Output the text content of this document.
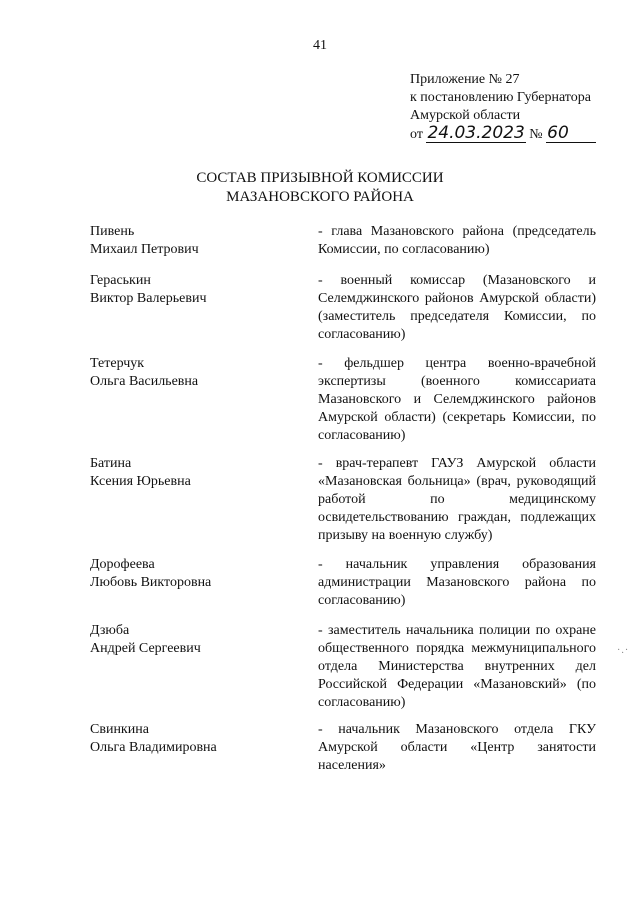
41
Приложение № 27
к постановлению Губернатора
Амурской области
от 24.03.2023 № 60
СОСТАВ ПРИЗЫВНОЙ КОМИССИИ
МАЗАНОВСКОГО РАЙОНА
Пивень
Михаил Петрович
- глава Мазановского района (председатель Комиссии, по согласованию)
Гераськин
Виктор Валерьевич
- военный комиссар (Мазановского и Селемджинского районов Амурской области) (заместитель председателя Комиссии, по согласованию)
Тетерчук
Ольга Васильевна
- фельдшер центра военно-врачебной экспертизы (военного комиссариата Мазановского и Селемджинского районов Амурской области) (секретарь Комиссии, по согласованию)
Батина
Ксения Юрьевна
- врач-терапевт ГАУЗ Амурской области «Мазановская больница» (врач, руководящий работой по медицинскому освидетельствованию граждан, подлежащих призыву на военную службу)
Дорофеева
Любовь Викторовна
- начальник управления образования администрации Мазановского района по согласованию)
Дзюба
Андрей Сергеевич
- заместитель начальника полиции по охране общественного порядка межмуниципального отдела Министерства внутренних дел Российской Федерации «Мазановский» (по согласованию)
Свинкина
Ольга Владимировна
- начальник Мазановского отдела ГКУ Амурской области «Центр занятости населения»
·.·
